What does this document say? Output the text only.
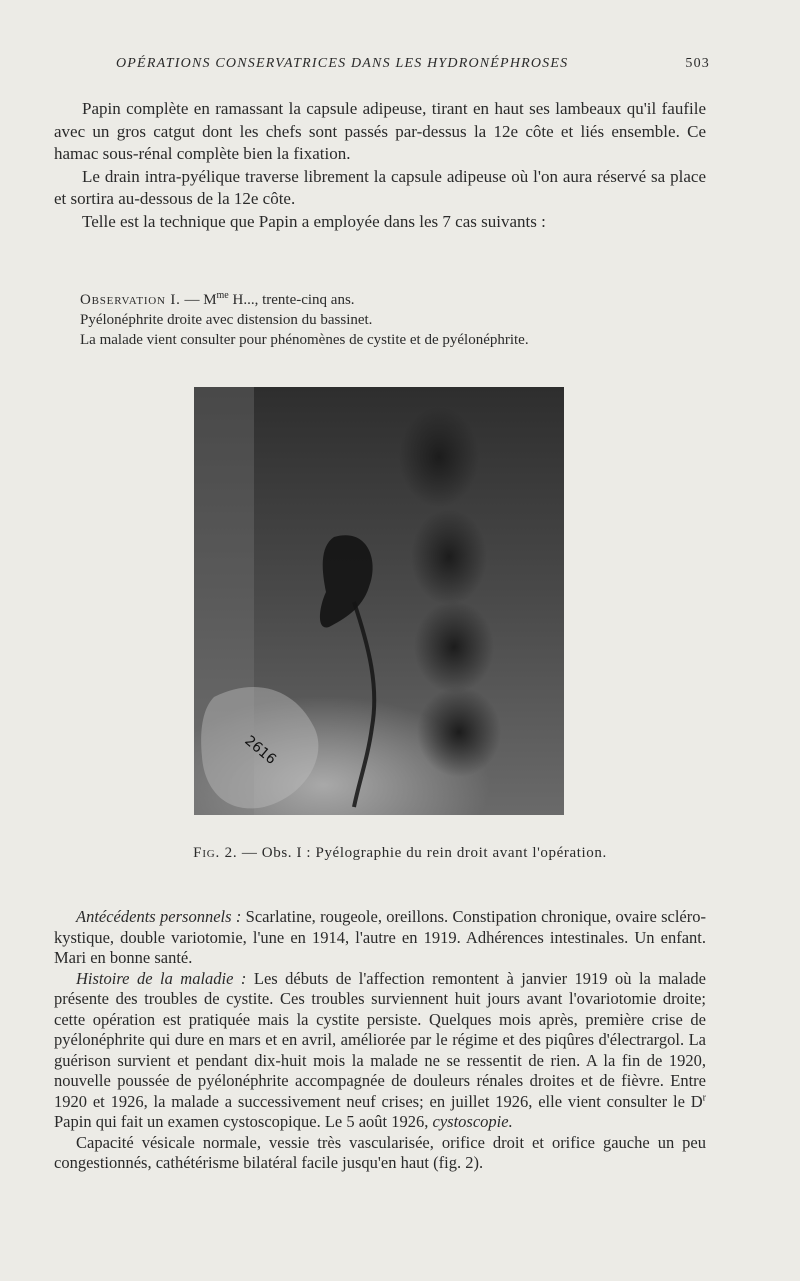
OPÉRATIONS CONSERVATRICES DANS LES HYDRONÉPHROSES	503

Papin complète en ramassant la capsule adipeuse, tirant en haut ses lambeaux qu'il faufile avec un gros catgut dont les chefs sont passés par-dessus la 12e côte et liés ensemble. Ce hamac sous-rénal complète bien la fixation.

Le drain intra-pyélique traverse librement la capsule adipeuse où l'on aura réservé sa place et sortira au-dessous de la 12e côte.

Telle est la technique que Papin a employée dans les 7 cas suivants :

Observation I. — $M^{me}$ H..., trente-cinq ans.
Pyélonéphrite droite avec distension du bassinet.
La malade vient consulter pour phénomènes de cystite et de pyélonéphrite.
2616
Fig. 2. — Obs. I : Pyélographie du rein droit avant l'opération.

Antécédents personnels : Scarlatine, rougeole, oreillons. Constipation chronique, ovaire scléro-kystique, double variotomie, l'une en 1914, l'autre en 1919. Adhérences intestinales. Un enfant. Mari en bonne santé.

Histoire de la maladie : Les débuts de l'affection remontent à janvier 1919 où la malade présente des troubles de cystite. Ces troubles surviennent huit jours avant l'ovariotomie droite; cette opération est pratiquée mais la cystite persiste. Quelques mois après, première crise de pyélonéphrite qui dure en mars et en avril, améliorée par le régime et des piqûres d'électrargol. La guérison survient et pendant dix-huit mois la malade ne se ressentit de rien. A la fin de 1920, nouvelle poussée de pyélonéphrite accompagnée de douleurs rénales droites et de fièvre. Entre 1920 et 1926, la malade a successivement neuf crises; en juillet 1926, elle vient consulter le $D^r$ Papin qui fait un examen cystoscopique. Le 5 août 1926, cystoscopie.

Capacité vésicale normale, vessie très vascularisée, orifice droit et orifice gauche un peu congestionnés, cathétérisme bilatéral facile jusqu'en haut (fig. 2).
